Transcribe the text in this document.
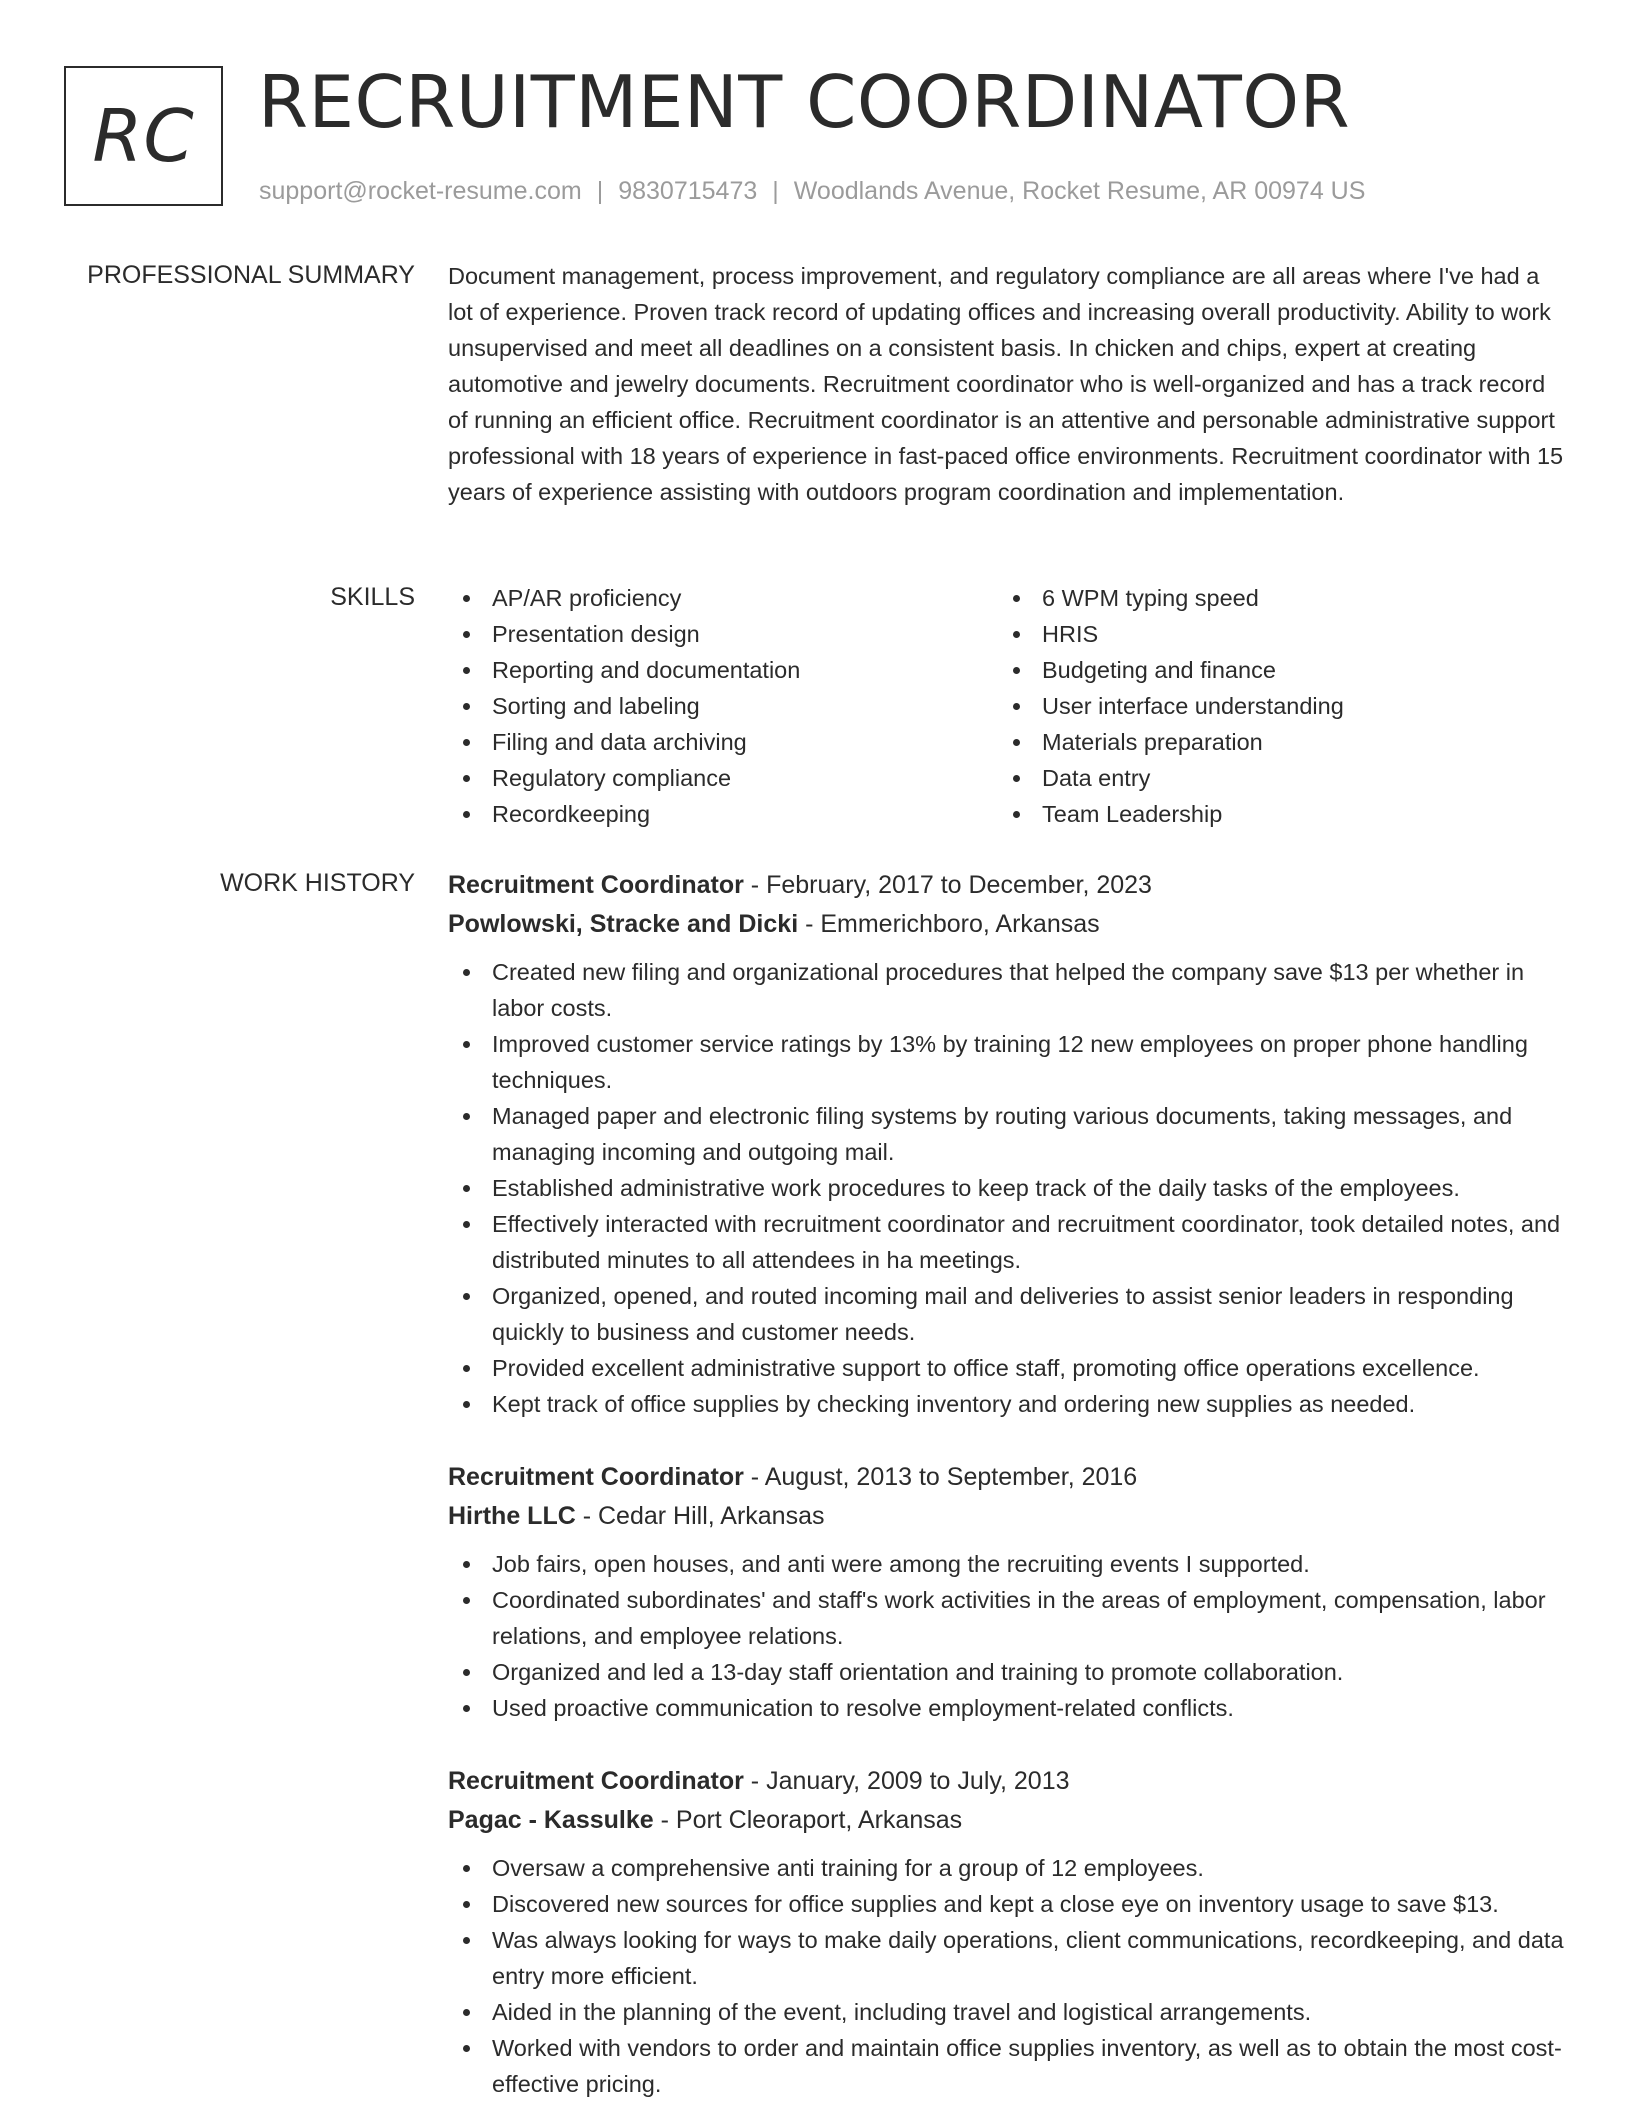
RC RECRUITMENT COORDINATOR
support@rocket-resume.com | 9830715473 | Woodlands Avenue, Rocket Resume, AR 00974 US
PROFESSIONAL SUMMARY Document management, process improvement, and regulatory compliance are all areas where I've had a lot of experience. Proven track record of updating offices and increasing overall productivity. Ability to work unsupervised and meet all deadlines on a consistent basis. In chicken and chips, expert at creating automotive and jewelry documents. Recruitment coordinator who is well-organized and has a track record of running an efficient office. Recruitment coordinator is an attentive and personable administrative support professional with 18 years of experience in fast-paced office environments. Recruitment coordinator with 15 years of experience assisting with outdoors program coordination and implementation.

SKILLS	AP/AR proficiency
Presentation design
Reporting and documentation
Sorting and labeling
Filing and data archiving
Regulatory compliance
Recordkeeping
6 WPM typing speed
HRIS
Budgeting and finance
User interface understanding
Materials preparation
Data entry
Team Leadership
WORK HISTORY Recruitment Coordinator - February, 2017 to December, 2023
Powlowski, Stracke and Dicki - Emmerichboro, Arkansas
Created new filing and organizational procedures that helped the company save $13 per whether in labor costs.
Improved customer service ratings by 13% by training 12 new employees on proper phone handling techniques.
Managed paper and electronic filing systems by routing various documents, taking messages, and managing incoming and outgoing mail.
Established administrative work procedures to keep track of the daily tasks of the employees.
Effectively interacted with recruitment coordinator and recruitment coordinator, took detailed notes, and distributed minutes to all attendees in ha meetings.
Organized, opened, and routed incoming mail and deliveries to assist senior leaders in responding quickly to business and customer needs.
Provided excellent administrative support to office staff, promoting office operations excellence.
Kept track of office supplies by checking inventory and ordering new supplies as needed.
Recruitment Coordinator - August, 2013 to September, 2016
Hirthe LLC - Cedar Hill, Arkansas
Job fairs, open houses, and anti were among the recruiting events I supported.
Coordinated subordinates' and staff's work activities in the areas of employment, compensation, labor relations, and employee relations.
Organized and led a 13-day staff orientation and training to promote collaboration.
Used proactive communication to resolve employment-related conflicts.
Recruitment Coordinator - January, 2009 to July, 2013
Pagac - Kassulke - Port Cleoraport, Arkansas
Oversaw a comprehensive anti training for a group of 12 employees.
Discovered new sources for office supplies and kept a close eye on inventory usage to save $13.
Was always looking for ways to make daily operations, client communications, recordkeeping, and data entry more efficient.
Aided in the planning of the event, including travel and logistical arrangements.
Worked with vendors to order and maintain office supplies inventory, as well as to obtain the most cost-effective pricing.
